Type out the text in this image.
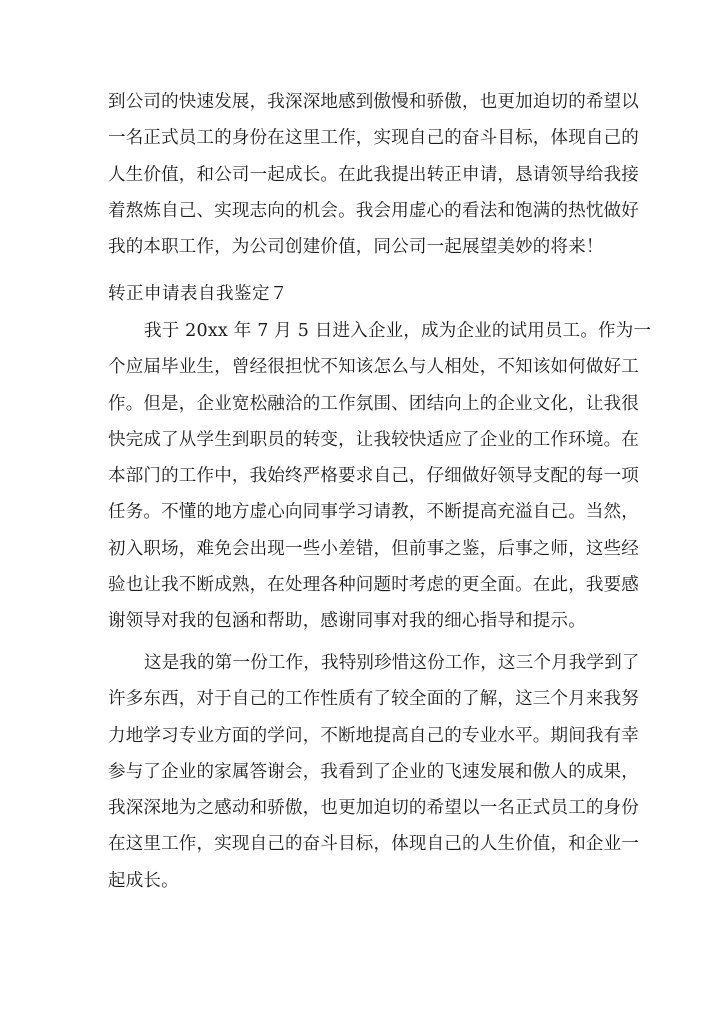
到公司的快速发展，我深深地感到傲慢和骄傲，也更加迫切的希望以
一名正式员工的身份在这里工作，实现自己的奋斗目标，体现自己的
人生价值，和公司一起成长。在此我提出转正申请，恳请领导给我接
着熬炼自己、实现志向的机会。我会用虚心的看法和饱满的热忱做好
我的本职工作，为公司创建价值，同公司一起展望美妙的将来！
转正申请表自我鉴定７
我于 20xx 年 7 月 5 日进入企业，成为企业的试用员工。作为一
个应届毕业生，曾经很担忧不知该怎么与人相处，不知该如何做好工
作。但是，企业宽松融洽的工作氛围、团结向上的企业文化，让我很
快完成了从学生到职员的转变，让我较快适应了企业的工作环境。在
本部门的工作中，我始终严格要求自己，仔细做好领导支配的每一项
任务。不懂的地方虚心向同事学习请教，不断提高充溢自己。当然，
初入职场，难免会出现一些小差错，但前事之鉴，后事之师，这些经
验也让我不断成熟，在处理各种问题时考虑的更全面。在此，我要感
谢领导对我的包涵和帮助，感谢同事对我的细心指导和提示。
这是我的第一份工作，我特别珍惜这份工作，这三个月我学到了
许多东西，对于自己的工作性质有了较全面的了解，这三个月来我努
力地学习专业方面的学问，不断地提高自己的专业水平。期间我有幸
参与了企业的家属答谢会，我看到了企业的飞速发展和傲人的成果，
我深深地为之感动和骄傲，也更加迫切的希望以一名正式员工的身份
在这里工作，实现自己的奋斗目标，体现自己的人生价值，和企业一
起成长。
